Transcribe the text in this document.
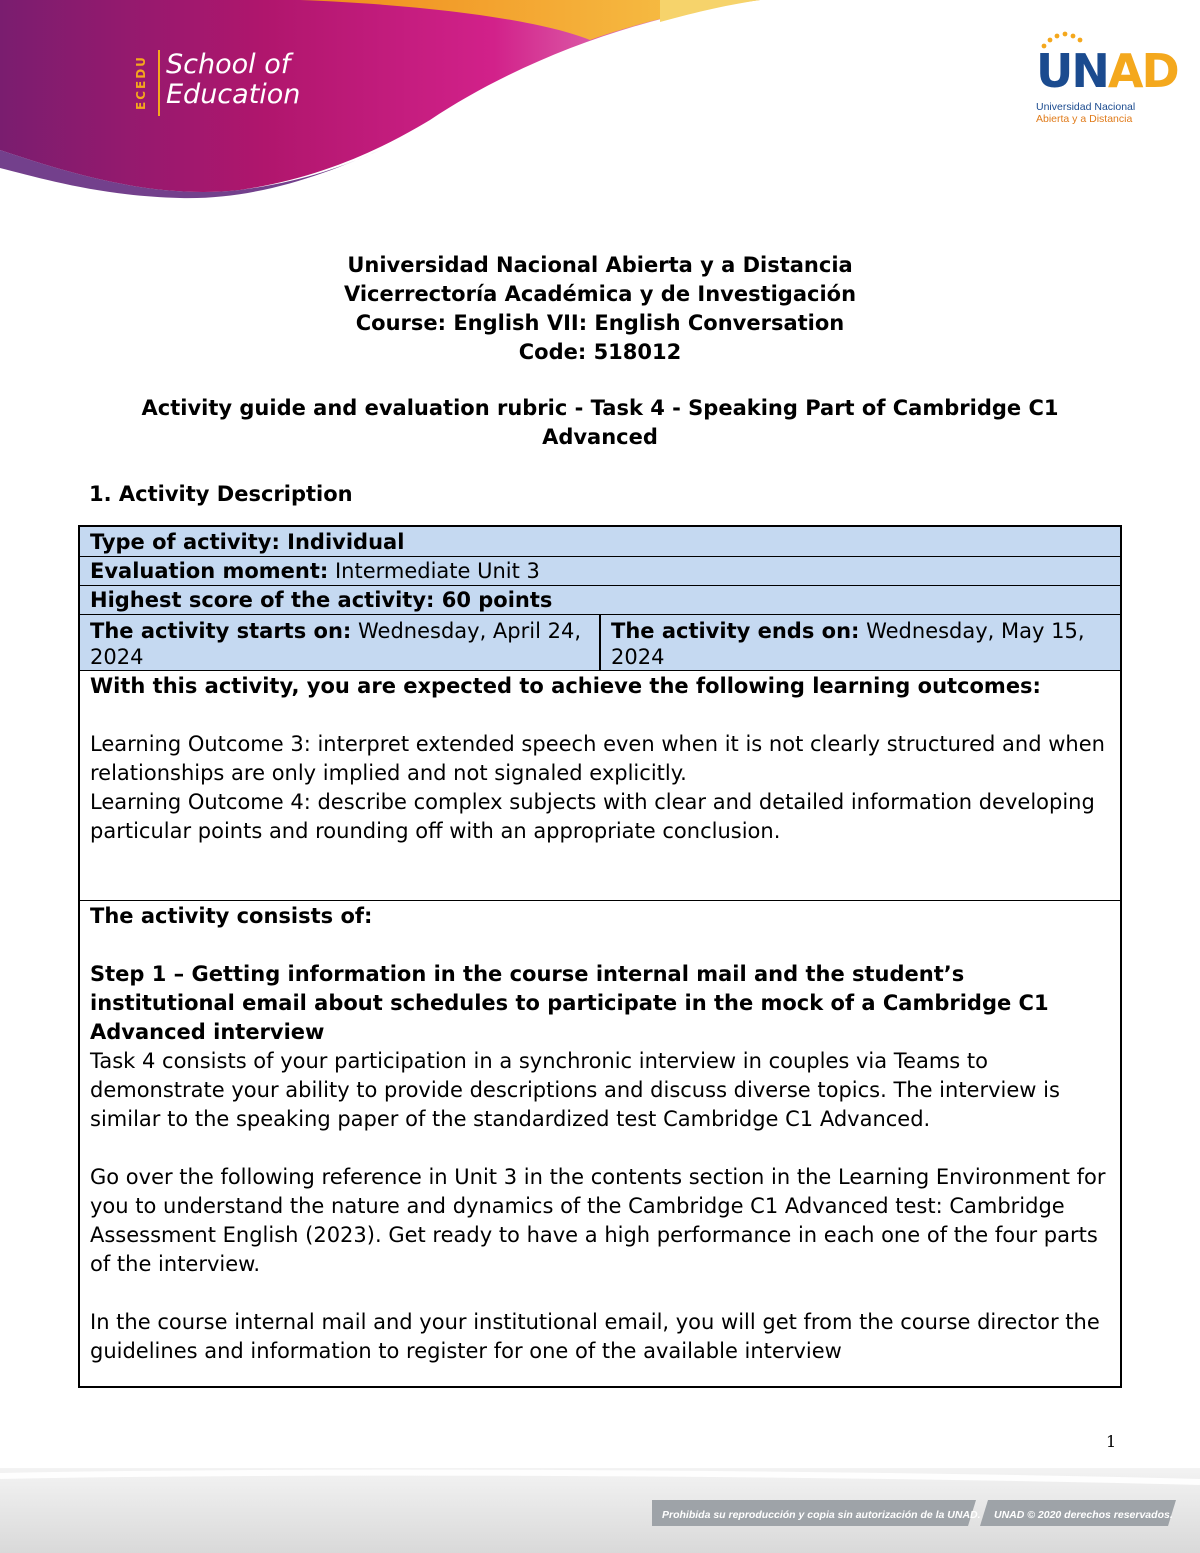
ECEDU School of
Education	UNAD
Universidad Nacional
Abierta y a Distancia
Universidad Nacional Abierta y a Distancia
Vicerrectoría Académica y de Investigación
Course: English VII: English Conversation
Code: 518012
Activity guide and evaluation rubric - Task 4 - Speaking Part of Cambridge C1
Advanced
1. Activity Description
Type of activity: Individual
Evaluation moment: Intermediate Unit 3
Highest score of the activity: 60 points
The activity starts on: Wednesday, April 24, 2024
The activity ends on: Wednesday, May 15, 2024
With this activity, you are expected to achieve the following learning outcomes:
Learning Outcome 3: interpret extended speech even when it is not clearly structured and when relationships are only implied and not signaled explicitly.
Learning Outcome 4: describe complex subjects with clear and detailed information developing particular points and rounding off with an appropriate conclusion.
The activity consists of:
Step 1 – Getting information in the course internal mail and the student’s institutional email about schedules to participate in the mock of a Cambridge C1 Advanced interview
Task 4 consists of your participation in a synchronic interview in couples via Teams to demonstrate your ability to provide descriptions and discuss diverse topics. The interview is similar to the speaking paper of the standardized test Cambridge C1 Advanced.
Go over the following reference in Unit 3 in the contents section in the Learning Environment for you to understand the nature and dynamics of the Cambridge C1 Advanced test: Cambridge Assessment English (2023). Get ready to have a high performance in each one of the four parts of the interview.
In the course internal mail and your institutional email, you will get from the course director the guidelines and information to register for one of the available interview
1
Prohibida su reproducción y copia sin autorización de la UNAD. UNAD © 2020 derechos reservados.
